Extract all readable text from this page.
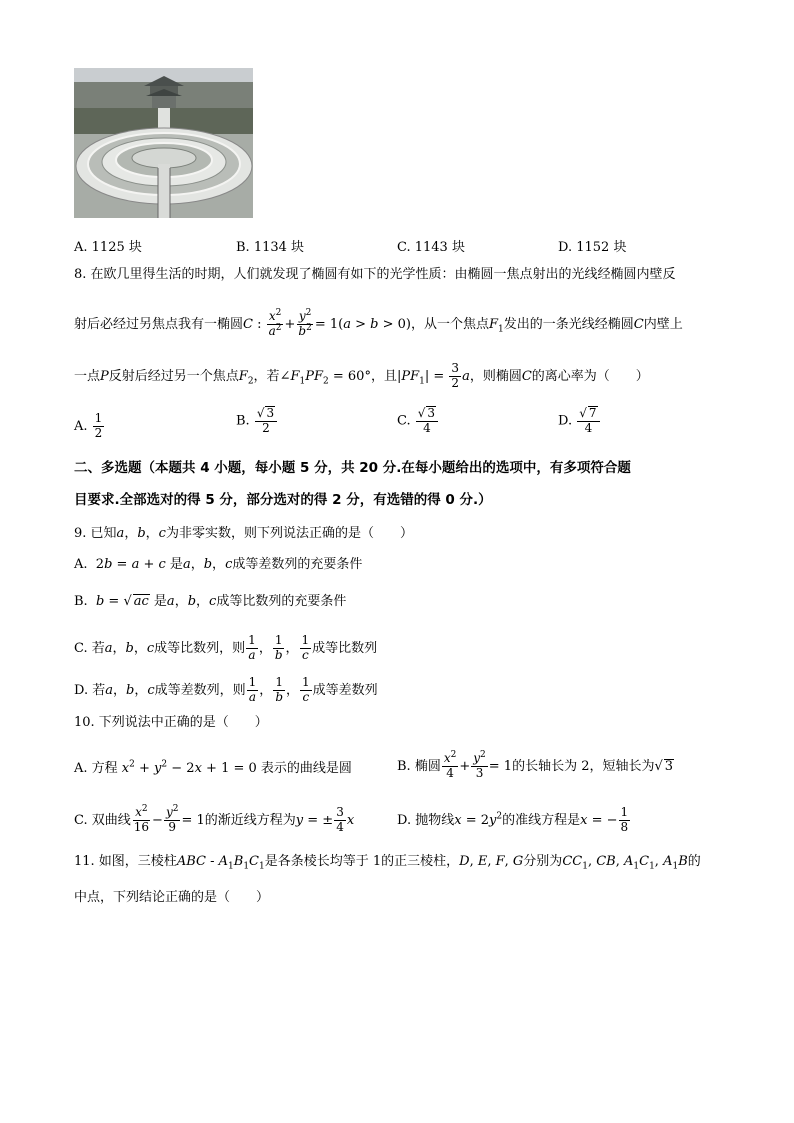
A. 1125 块	B. 1134 块	C. 1143 块	D. 1152 块
8. 在欧几里得生活的时期，人们就发现了椭圆有如下的光学性质：由椭圆一焦点射出的光线经椭圆内壁反
射后必经过另焦点我有一椭圆C : $\frac{x^2}{a^2} + \frac{y^2}{b^2} = 1(a > b > 0)$，从一个焦点$F_1$发出的一条光线经椭圆C内壁上
一点P反射后经过另一个焦点$F_2$，若$\angle F_1PF_2 = 60^\circ$，且$|PF_1| = \frac{3}{2}$ a，则椭圆C的离心率为（　　）
A. $\frac{1}{2}$	B. $\frac{√ 3}{2}$	C. $\frac{√ 3}{4}$	D. $\frac{√ 7}{4}$
二、多选题（本题共 4 小题，每小题 5 分，共 20 分.在每小题给出的选项中，有多项符合题
目要求.全部选对的得 5 分，部分选对的得 2 分，有选错的得 0 分.）
9. 已知a，b，c为非零实数，则下列说法正确的是（　　）
A.  2b = a + c 是a，b，c成等差数列的充要条件
B.  b = √ ac 是a，b，c成等比数列的充要条件
C. 若a，b，c成等比数列，则 $\frac{1}{a}$ ， $\frac{1}{b}$ ， $\frac{1}{c}$ 成等比数列
D. 若a，b，c成等差数列，则 $\frac{1}{a}$ ， $\frac{1}{b}$ ， $\frac{1}{c}$ 成等差数列
10. 下列说法中正确的是（　　）
A. 方程 $x^2 + y^2 - 2x + 1 = 0$ 表示的曲线是圆	B. 椭圆 $\frac{x^2}{4} + \frac{y^2}{3} = 1$的长轴长为 2，短轴长为√ 3
C. 双曲线 $\frac{x^2}{16} - \frac{y^2}{9} = 1$的渐近线方程为y = ± $\frac{3}{4}$ x	D. 抛物线$x = 2y^2$的准线方程是x = − $\frac{1}{8}$
11. 如图，三棱柱ABC - $A_1B_1C_1$是各条棱长均等于 1的正三棱柱，D, E, F, G分别为$CC_1$, CB, $A_1C_1$, $A_1B$的
中点，下列结论正确的是（　　）
